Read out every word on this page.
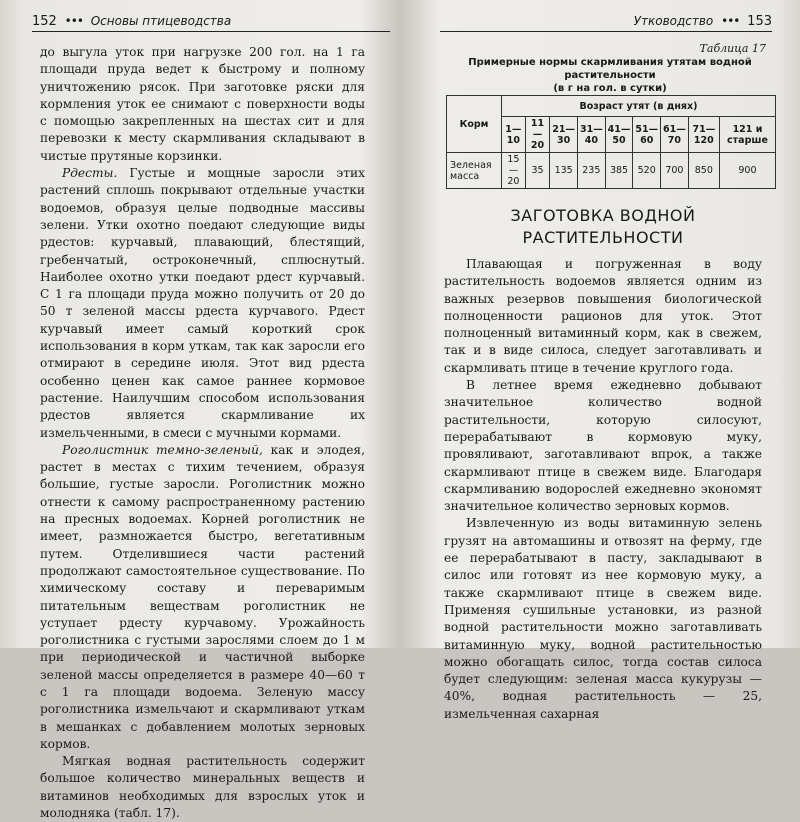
152 ••• Основы птицеводства

до выгула уток при нагрузке 200 гол. на 1 га площади пруда ведет к быстрому и полному уничтожению рясок. При заготовке ряски для кормления уток ее снимают с поверхности воды с помощью закрепленных на шестах сит и для перевозки к месту скармливания складывают в чистые прутяные корзинки.

Рдесты. Густые и мощные заросли этих растений сплошь покрывают отдельные участки водоемов, образуя целые подводные массивы зелени. Утки охотно поедают следующие виды рдестов: курчавый, плавающий, блестящий, гребенчатый, остроконечный, сплюснутый. Наиболее охотно утки поедают рдест курчавый. С 1 га площади пруда можно получить от 20 до 50 т зеленой массы рдеста курчавого. Рдест курчавый имеет самый короткий срок использования в корм уткам, так как заросли его отмирают в середине июля. Этот вид рдеста особенно ценен как самое раннее кормовое растение. Наилучшим способом использования рдестов является скармливание их измельченными, в смеси с мучными кормами.

Роголистник темно-зеленый, как и элодея, растет в местах с тихим течением, образуя большие, густые заросли. Роголистник можно отнести к самому распространенному растению на пресных водоемах. Корней роголистник не имеет, размножается быстро, вегетативным путем. Отделившиеся части растений продолжают самостоятельное существование. По химическому составу и переваримым питательным веществам роголистник не уступает рдесту курчавому. Урожайность роголистника с густыми зарослями слоем до 1 м при периодической и частичной выборке зеленой массы определяется в размере 40—60 т с 1 га площади водоема. Зеленую массу роголистника измельчают и скармливают уткам в мешанках с добавлением молотых зерновых кормов.

Мягкая водная растительность содержит большое количество минеральных веществ и витаминов необходимых для взрослых уток и молодняка (табл. 17).

Утководство ••• 153
Таблица 17
Примерные нормы скармливания утятам водной растительности
(в г на гол. в сутки)
Корм	Возраст утят (в днях)								
	1—10	11—20	21—30	31—40	41—50	51—60	61—70	71—120	121 и старше
Зеленая масса	15—20	35	135	235	385	520	700	850	900
ЗАГОТОВКА ВОДНОЙ РАСТИТЕЛЬНОСТИ

Плавающая и погруженная в воду растительность водоемов является одним из важных резервов повышения биологической полноценности рационов для уток. Этот полноценный витаминный корм, как в свежем, так и в виде силоса, следует заготавливать и скармливать птице в течение круглого года.

В летнее время ежедневно добывают значительное количество водной растительности, которую силосуют, перерабатывают в кормовую муку, провяливают, заготавливают впрок, а также скармливают птице в свежем виде. Благодаря скармливанию водорослей ежедневно экономят значительное количество зерновых кормов.

Извлеченную из воды витаминную зелень грузят на автомашины и отвозят на ферму, где ее перерабатывают в пасту, закладывают в силос или готовят из нее кормовую муку, а также скармливают птице в свежем виде. Применяя сушильные установки, из разной водной растительности можно заготавливать витаминную муку, водной растительностью можно обогащать силос, тогда состав силоса будет следующим: зеленая масса кукурузы — 40%, водная растительность — 25, измельченная сахарная
